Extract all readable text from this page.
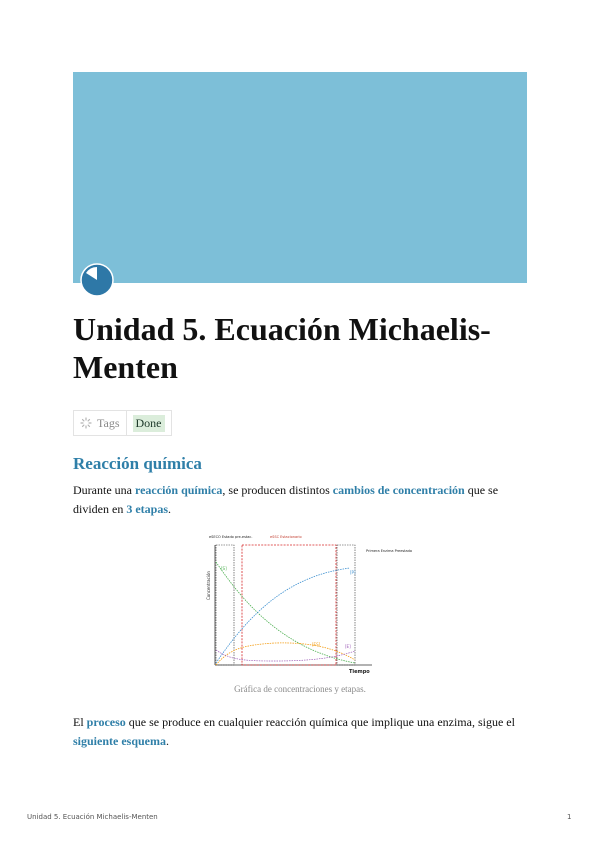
Unidad 5. Ecuación Michaelis-Menten
Tags Done
Reacción química

Durante una reacción química, se producen distintos cambios de concentración que se dividen en 3 etapas.

eSECO Estado pre-estac.	eSSC Estacionario
Primera Enzima Preestado
Concentración
Tiempo
[S]
[P]
[ES]	[E]
Gráfica de concentraciones y etapas.

El proceso que se produce en cualquier reacción química que implique una enzima, sigue el siguiente esquema.

Unidad 5. Ecuación Michaelis-Menten	1
